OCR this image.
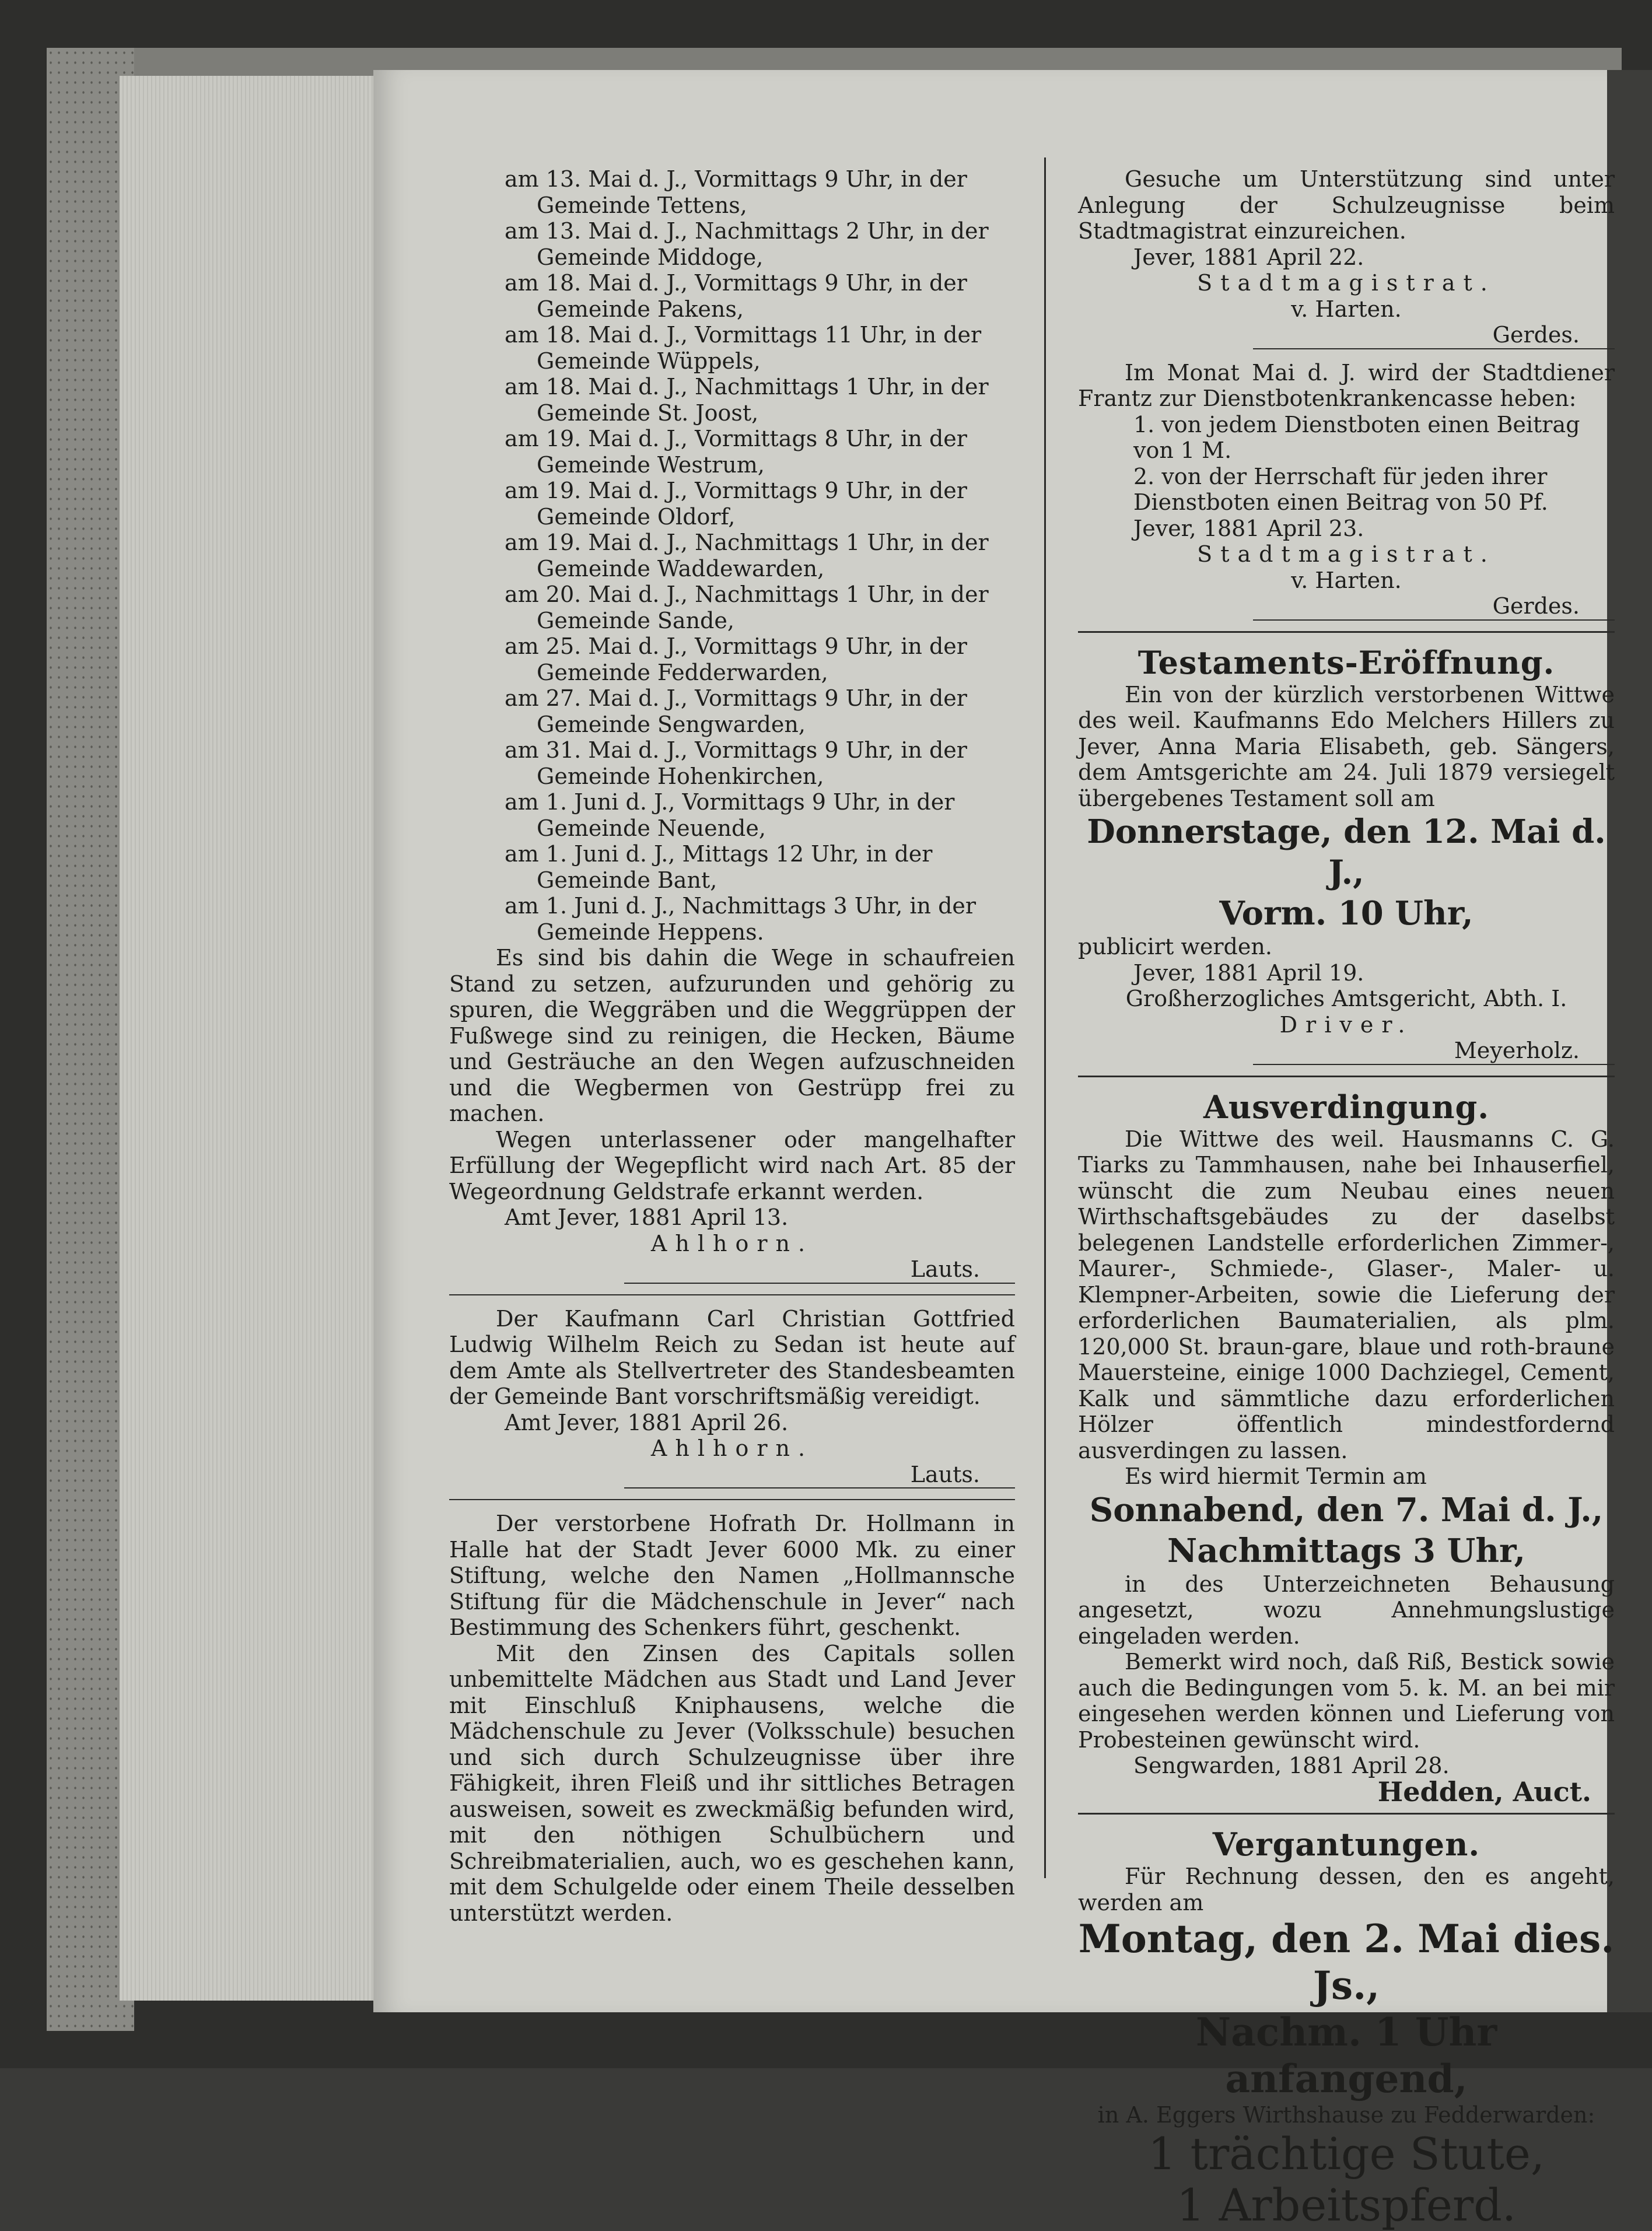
am 13. Mai d. J., Vormittags 9 Uhr, in der
Gemeinde Tettens,
am 13. Mai d. J., Nachmittags 2 Uhr, in der
Gemeinde Middoge,
am 18. Mai d. J., Vormittags 9 Uhr, in der
Gemeinde Pakens,
am 18. Mai d. J., Vormittags 11 Uhr, in der
Gemeinde Wüppels,
am 18. Mai d. J., Nachmittags 1 Uhr, in der
Gemeinde St. Joost,
am 19. Mai d. J., Vormittags 8 Uhr, in der
Gemeinde Westrum,
am 19. Mai d. J., Vormittags 9 Uhr, in der
Gemeinde Oldorf,
am 19. Mai d. J., Nachmittags 1 Uhr, in der
Gemeinde Waddewarden,
am 20. Mai d. J., Nachmittags 1 Uhr, in der
Gemeinde Sande,
am 25. Mai d. J., Vormittags 9 Uhr, in der
Gemeinde Fedderwarden,
am 27. Mai d. J., Vormittags 9 Uhr, in der
Gemeinde Sengwarden,
am 31. Mai d. J., Vormittags 9 Uhr, in der
Gemeinde Hohenkirchen,
am 1. Juni d. J., Vormittags 9 Uhr, in der
Gemeinde Neuende,
am 1. Juni d. J., Mittags 12 Uhr, in der
Gemeinde Bant,
am 1. Juni d. J., Nachmittags 3 Uhr, in der
Gemeinde Heppens.
Es sind bis dahin die Wege in schaufreien Stand zu setzen, aufzurunden und gehörig zu spuren, die Weggräben und die Weggrüppen der Fußwege sind zu reinigen, die Hecken, Bäume und Gesträuche an den Wegen aufzuschneiden und die Wegbermen von Gestrüpp frei zu machen.
Wegen unterlassener oder mangelhafter Erfüllung der Wegepflicht wird nach Art. 85 der Wegeordnung Geldstrafe erkannt werden.
Amt Jever, 1881 April 13.
Ahlhorn.
Lauts.
Der Kaufmann Carl Christian Gottfried Ludwig Wilhelm Reich zu Sedan ist heute auf dem Amte als Stellvertreter des Standesbeamten der Gemeinde Bant vorschriftsmäßig vereidigt.
Amt Jever, 1881 April 26.
Ahlhorn.
Lauts.
Der verstorbene Hofrath Dr. Hollmann in Halle hat der Stadt Jever 6000 Mk. zu einer Stiftung, welche den Namen „Hollmannsche Stiftung für die Mädchenschule in Jever“ nach Bestimmung des Schenkers führt, geschenkt.
Mit den Zinsen des Capitals sollen unbemittelte Mädchen aus Stadt und Land Jever mit Einschluß Kniphausens, welche die Mädchenschule zu Jever (Volksschule) besuchen und sich durch Schulzeugnisse über ihre Fähigkeit, ihren Fleiß und ihr sittliches Betragen ausweisen, soweit es zweckmäßig befunden wird, mit den nöthigen Schulbüchern und Schreibmaterialien, auch, wo es geschehen kann, mit dem Schulgelde oder einem Theile desselben unterstützt werden.
Gesuche um Unterstützung sind unter Anlegung der Schulzeugnisse beim Stadtmagistrat einzureichen.
Jever, 1881 April 22.
Stadtmagistrat.
v. Harten.
Gerdes.
Im Monat Mai d. J. wird der Stadtdiener Frantz zur Dienstbotenkrankencasse heben:
1. von jedem Dienstboten einen Beitrag von 1 M.
2. von der Herrschaft für jeden ihrer Dienstboten einen Beitrag von 50 Pf.
Jever, 1881 April 23.
Stadtmagistrat.
v. Harten.
Gerdes.
Testaments-Eröffnung.
Ein von der kürzlich verstorbenen Wittwe des weil. Kaufmanns Edo Melchers Hillers zu Jever, Anna Maria Elisabeth, geb. Sängers, dem Amtsgerichte am 24. Juli 1879 versiegelt übergebenes Testament soll am
Donnerstage, den 12. Mai d. J.,
Vorm. 10 Uhr,
publicirt werden.
Jever, 1881 April 19.
Großherzogliches Amtsgericht, Abth. I.
Driver.
Meyerholz.
Ausverdingung.
Die Wittwe des weil. Hausmanns C. G. Tiarks zu Tammhausen, nahe bei Inhauserfiel, wünscht die zum Neubau eines neuen Wirthschaftsgebäudes zu der daselbst belegenen Landstelle erforderlichen Zimmer-, Maurer-, Schmiede-, Glaser-, Maler- u. Klempner-Arbeiten, sowie die Lieferung der erforderlichen Baumaterialien, als plm. 120,000 St. braun-gare, blaue und roth-braune Mauersteine, einige 1000 Dachziegel, Cement, Kalk und sämmtliche dazu erforderlichen Hölzer öffentlich mindestfordernd ausverdingen zu lassen.
Es wird hiermit Termin am
Sonnabend, den 7. Mai d. J.,
Nachmittags 3 Uhr,
in des Unterzeichneten Behausung angesetzt, wozu Annehmungslustige eingeladen werden.
Bemerkt wird noch, daß Riß, Bestick sowie auch die Bedingungen vom 5. k. M. an bei mir eingesehen werden können und Lieferung von Probesteinen gewünscht wird.
Sengwarden, 1881 April 28.
Hedden, Auct.
Vergantungen.
Für Rechnung dessen, den es angeht, werden am
Montag, den 2. Mai dies. Js.,
Nachm. 1 Uhr anfangend,
in A. Eggers Wirthshause zu Fedderwarden:
1 trächtige Stute,
1 Arbeitspferd.
